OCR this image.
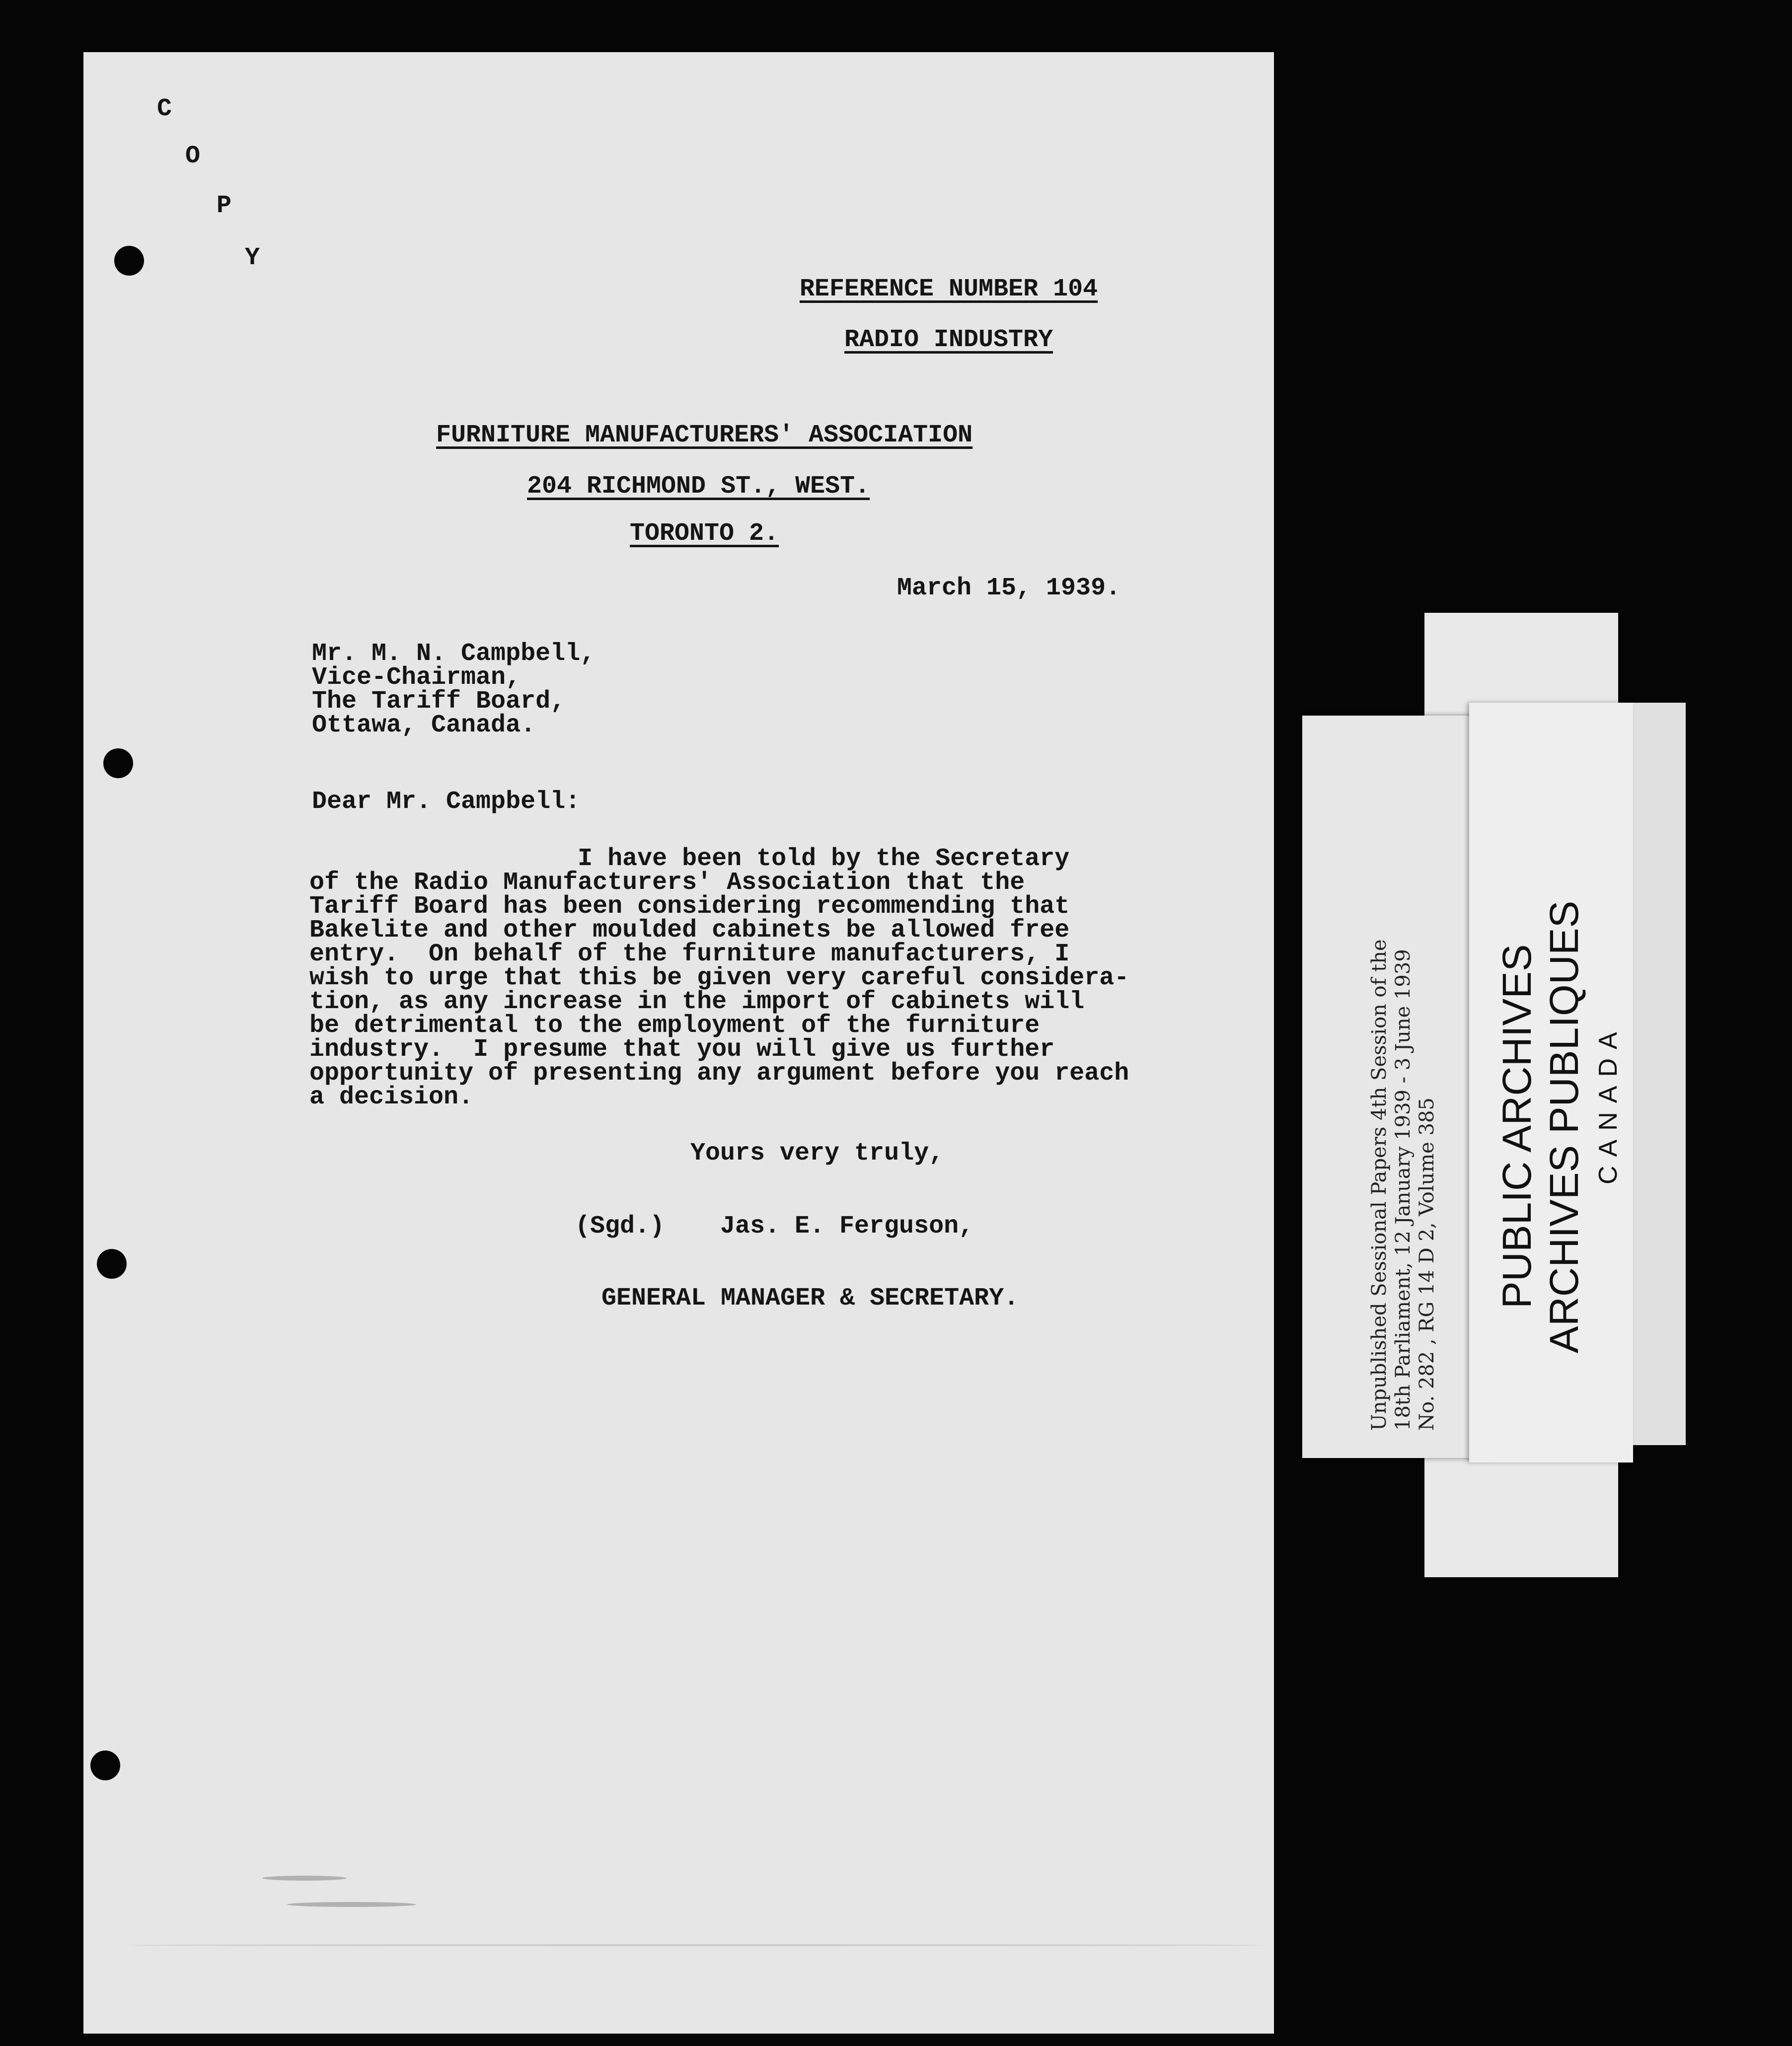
C
O
P
Y
REFERENCE NUMBER 104
RADIO INDUSTRY
FURNITURE MANUFACTURERS' ASSOCIATION
204 RICHMOND ST., WEST.
TORONTO 2.
March 15, 1939.
Mr. M. N. Campbell,
Vice-Chairman,
The Tariff Board,
Ottawa, Canada.
Dear Mr. Campbell:
I have been told by the Secretary
of the Radio Manufacturers' Association that the
Tariff Board has been considering recommending that
Bakelite and other moulded cabinets be allowed free
entry.  On behalf of the furniture manufacturers, I
wish to urge that this be given very careful considera-
tion, as any increase in the import of cabinets will
be detrimental to the employment of the furniture
industry.  I presume that you will give us further
opportunity of presenting any argument before you reach
a decision.
Yours very truly,
(Sgd.) Jas. E. Ferguson,
GENERAL MANAGER & SECRETARY.	Unpublished Sessional Papers 4th Session of the 18th Parliament, 12 January 1939 - 3 June 1939 No. 282 , RG 14 D 2, Volume 385 PUBLIC ARCHIVES ARCHIVES PUBLIQUES CANADA
